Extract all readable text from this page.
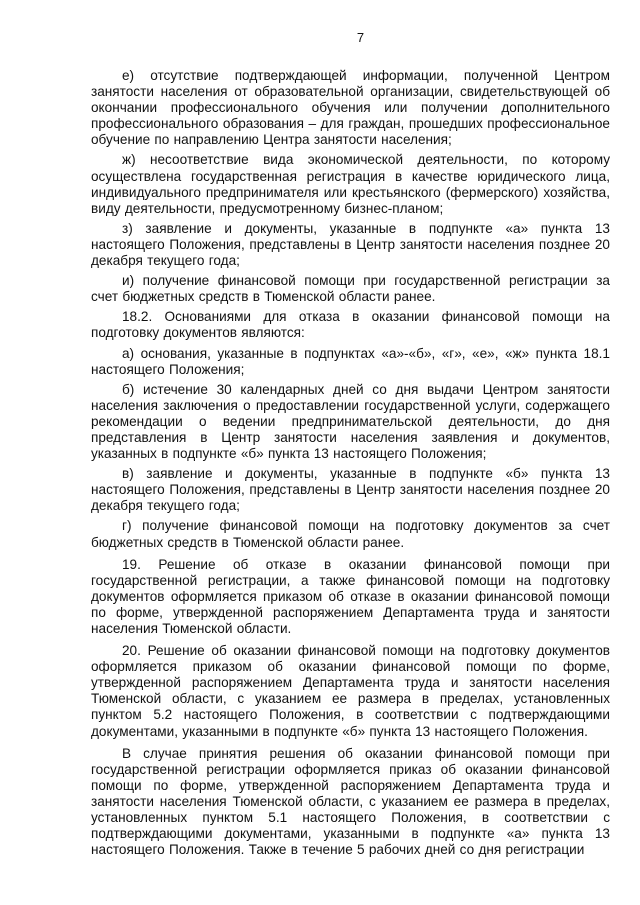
7

е) отсутствие подтверждающей информации, полученной Центром занятости населения от образовательной организации, свидетельствующей об окончании профессионального обучения или получении дополнительного профессионального образования – для граждан, прошедших профессиональное обучение по направлению Центра занятости населения;

ж) несоответствие вида экономической деятельности, по которому осуществлена государственная регистрация в качестве юридического лица, индивидуального предпринимателя или крестьянского (фермерского) хозяйства, виду деятельности, предусмотренному бизнес-планом;

з) заявление и документы, указанные в подпункте «а» пункта 13 настоящего Положения, представлены в Центр занятости населения позднее 20 декабря текущего года;

и) получение финансовой помощи при государственной регистрации за счет бюджетных средств в Тюменской области ранее.

18.2. Основаниями для отказа в оказании финансовой помощи на подготовку документов являются:

а) основания, указанные в подпунктах «а»-«б», «г», «е», «ж» пункта 18.1 настоящего Положения;

б) истечение 30 календарных дней со дня выдачи Центром занятости населения заключения о предоставлении государственной услуги, содержащего рекомендации о ведении предпринимательской деятельности, до дня представления в Центр занятости населения заявления и документов, указанных в подпункте «б» пункта 13 настоящего Положения;

в) заявление и документы, указанные в подпункте «б» пункта 13 настоящего Положения, представлены в Центр занятости населения позднее 20 декабря текущего года;

г) получение финансовой помощи на подготовку документов за счет бюджетных средств в Тюменской области ранее.

19. Решение об отказе в оказании финансовой помощи при государственной регистрации, а также финансовой помощи на подготовку документов оформляется приказом об отказе в оказании финансовой помощи по форме, утвержденной распоряжением Департамента труда и занятости населения Тюменской области.

20. Решение об оказании финансовой помощи на подготовку документов оформляется приказом об оказании финансовой помощи по форме, утвержденной распоряжением Департамента труда и занятости населения Тюменской области, с указанием ее размера в пределах, установленных пунктом 5.2 настоящего Положения, в соответствии с подтверждающими документами, указанными в подпункте «б» пункта 13 настоящего Положения.

В случае принятия решения об оказании финансовой помощи при государственной регистрации оформляется приказ об оказании финансовой помощи по форме, утвержденной распоряжением Департамента труда и занятости населения Тюменской области, с указанием ее размера в пределах, установленных пунктом 5.1 настоящего Положения, в соответствии с подтверждающими документами, указанными в подпункте «а» пункта 13 настоящего Положения. Также в течение 5 рабочих дней со дня регистрации
